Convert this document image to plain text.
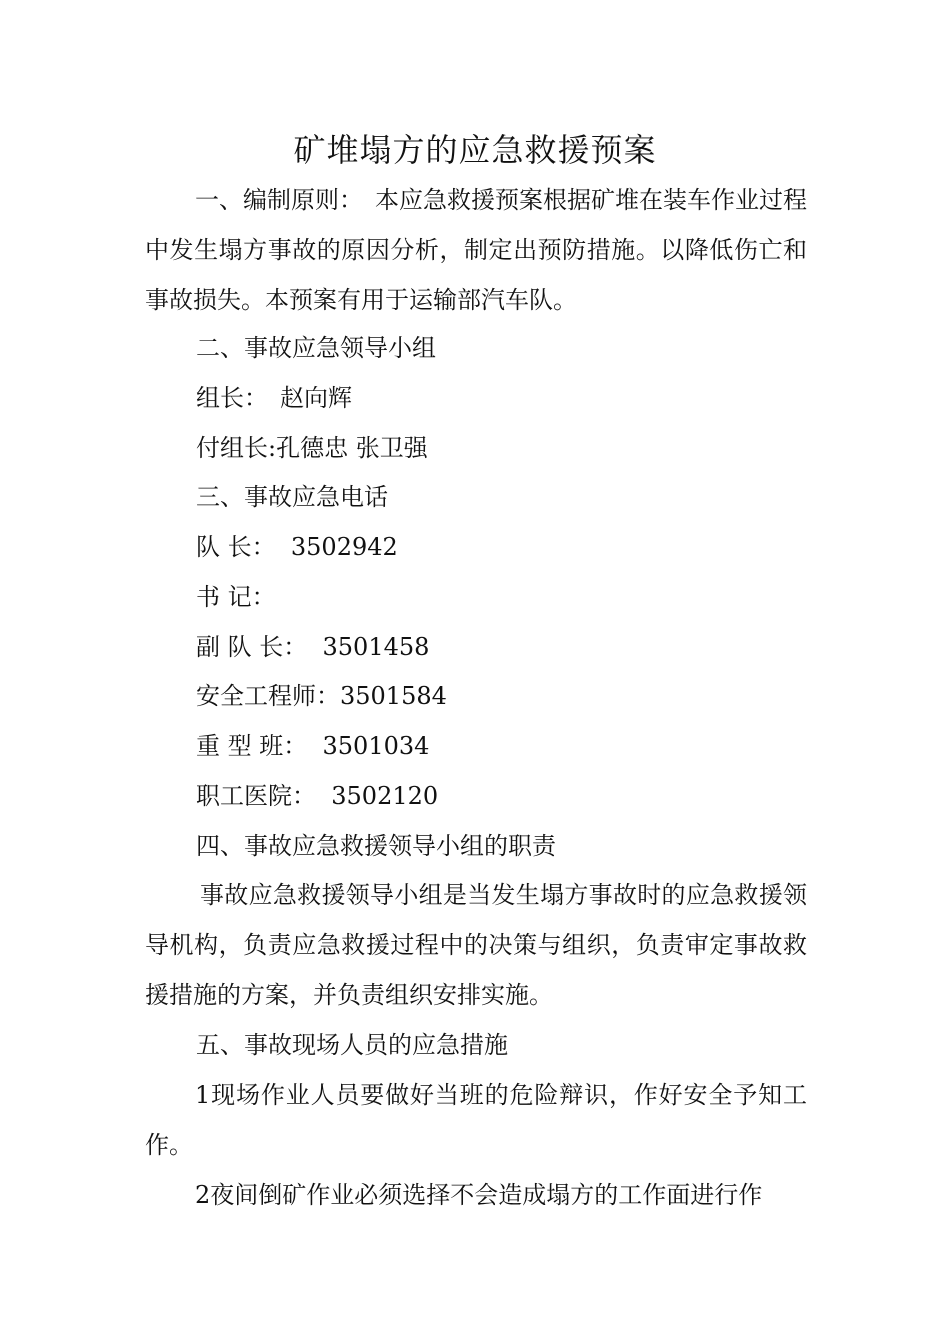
矿堆塌方的应急救援预案
一、编制原则：　本应急救援预案根据矿堆在装车作业过程中发生塌方事故的原因分析，制定出预防措施。以降低伤亡和事故损失。本预案有用于运输部汽车队。
二、事故应急领导小组
组长：　赵向辉
付组长:孔德忠 张卫强
三、事故应急电话
队 长：  3502942
书 记：
副 队 长：  3501458
安全工程师：3501584
重 型 班：  3501034
职工医院：  3502120
四、事故应急救援领导小组的职责
事故应急救援领导小组是当发生塌方事故时的应急救援领导机构，负责应急救援过程中的决策与组织，负责审定事故救援措施的方案，并负责组织安排实施。
五、事故现场人员的应急措施
1现场作业人员要做好当班的危险辩识，作好安全予知工作。
2夜间倒矿作业必须选择不会造成塌方的工作面进行作
